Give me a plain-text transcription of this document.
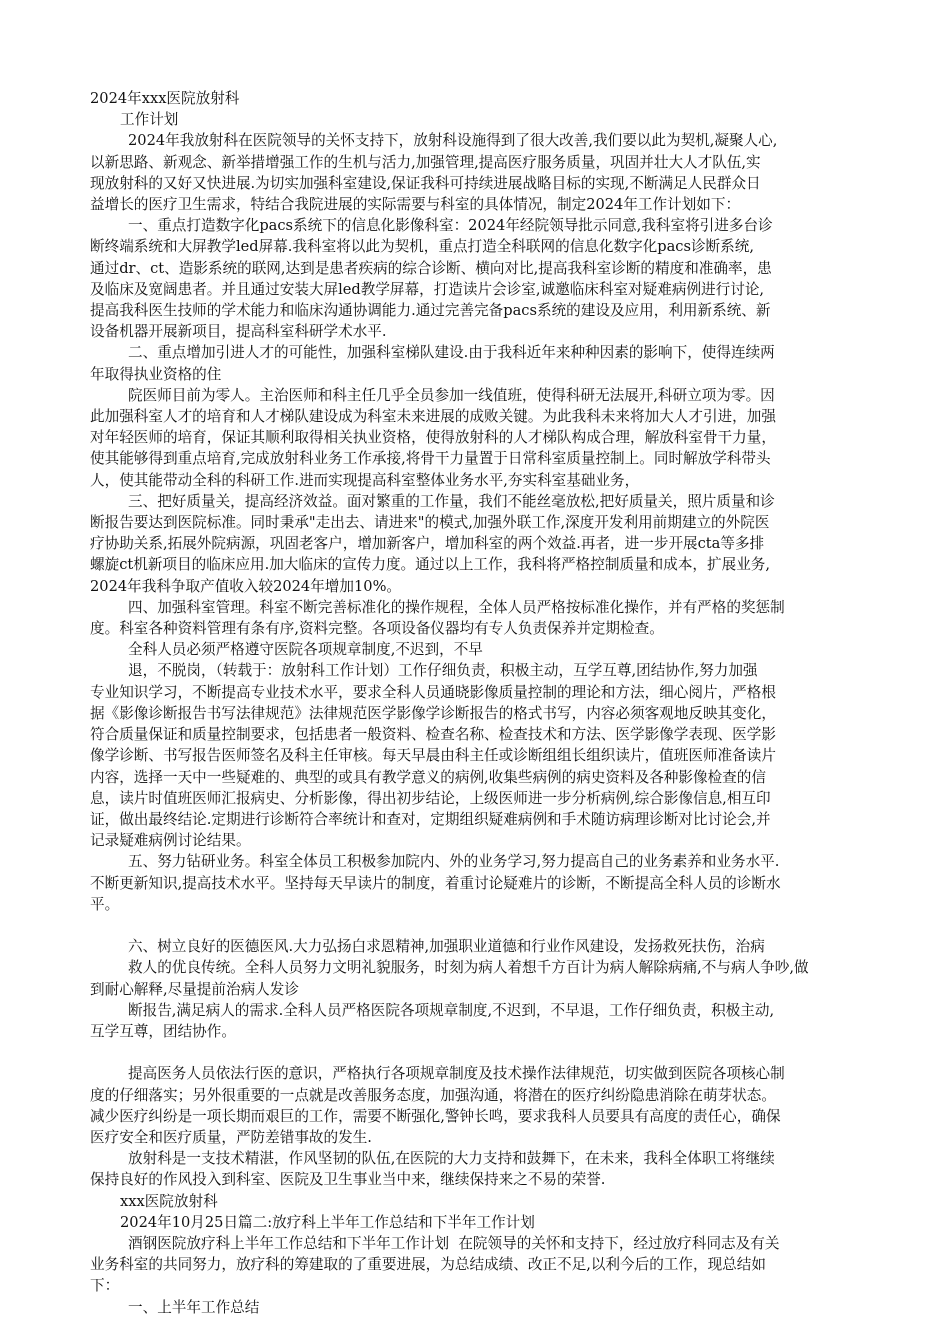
2024年xxx医院放射科

工作计划

2024年我放射科在医院领导的关怀支持下，放射科设施得到了很大改善,我们要以此为契机,凝聚人心,

以新思路、新观念、新举措增强工作的生机与活力,加强管理,提高医疗服务质量，巩固并壮大人才队伍,实

现放射科的又好又快进展.为切实加强科室建设,保证我科可持续进展战略目标的实现,不断满足人民群众日

益增长的医疗卫生需求，特结合我院进展的实际需要与科室的具体情况，制定2024年工作计划如下：

一、重点打造数字化pacs系统下的信息化影像科室：2024年经院领导批示同意,我科室将引进多台诊

断终端系统和大屏教学led屏幕.我科室将以此为契机，重点打造全科联网的信息化数字化pacs诊断系统,

通过dr、ct、造影系统的联网,达到是患者疾病的综合诊断、横向对比,提高我科室诊断的精度和准确率，患

及临床及宽阔患者。并且通过安装大屏led教学屏幕，打造读片会诊室,诚邀临床科室对疑难病例进行讨论,

提高我科医生技师的学术能力和临床沟通协调能力.通过完善完备pacs系统的建设及应用，利用新系统、新

设备机器开展新项目，提高科室科研学术水平.

二、重点增加引进人才的可能性，加强科室梯队建设.由于我科近年来种种因素的影响下，使得连续两

年取得执业资格的住

院医师目前为零人。主治医师和科主任几乎全员参加一线值班，使得科研无法展开,科研立项为零。因

此加强科室人才的培育和人才梯队建设成为科室未来进展的成败关键。为此我科未来将加大人才引进，加强

对年轻医师的培育，保证其顺利取得相关执业资格，使得放射科的人才梯队构成合理，解放科室骨干力量，

使其能够得到重点培育,完成放射科业务工作承接,将骨干力量置于日常科室质量控制上。同时解放学科带头

人，使其能带动全科的科研工作.进而实现提高科室整体业务水平,夯实科室基础业务，

三、把好质量关，提高经济效益。面对繁重的工作量，我们不能丝毫放松,把好质量关，照片质量和诊

断报告要达到医院标准。同时秉承"走出去、请进来"的模式,加强外联工作,深度开发利用前期建立的外院医

疗协助关系,拓展外院病源，巩固老客户，增加新客户，增加科室的两个效益.再者，进一步开展cta等多排

螺旋ct机新项目的临床应用.加大临床的宣传力度。通过以上工作，我科将严格控制质量和成本，扩展业务,

2024年我科争取产值收入较2024年增加10%。

四、加强科室管理。科室不断完善标准化的操作规程，全体人员严格按标准化操作，并有严格的奖惩制

度。科室各种资料管理有条有序,资料完整。各项设备仪器均有专人负责保养并定期检查。

全科人员必须严格遵守医院各项规章制度,不迟到，不早

退，不脱岗，（转载于：放射科工作计划）工作仔细负责，积极主动，互学互尊,团结协作,努力加强

专业知识学习，不断提高专业技术水平，要求全科人员通晓影像质量控制的理论和方法，细心阅片，严格根

据《影像诊断报告书写法律规范》法律规范医学影像学诊断报告的格式书写，内容必须客观地反映其变化，

符合质量保证和质量控制要求，包括患者一般资料、检查名称、检查技术和方法、医学影像学表现、医学影

像学诊断、书写报告医师签名及科主任审核。每天早晨由科主任或诊断组组长组织读片，值班医师准备读片

内容，选择一天中一些疑难的、典型的或具有教学意义的病例,收集些病例的病史资料及各种影像检查的信

息，读片时值班医师汇报病史、分析影像，得出初步结论，上级医师进一步分析病例,综合影像信息,相互印

证，做出最终结论.定期进行诊断符合率统计和查对，定期组织疑难病例和手术随访病理诊断对比讨论会,并

记录疑难病例讨论结果。

五、努力钻研业务。科室全体员工积极参加院内、外的业务学习,努力提高自己的业务素养和业务水平.

不断更新知识,提高技术水平。坚持每天早读片的制度，着重讨论疑难片的诊断，不断提高全科人员的诊断水

平。

六、树立良好的医德医风.大力弘扬白求恩精神,加强职业道德和行业作风建设，发扬救死扶伤，治病

救人的优良传统。全科人员努力文明礼貌服务，时刻为病人着想千方百计为病人解除病痛,不与病人争吵,做

到耐心解释,尽量提前治病人发诊

断报告,满足病人的需求.全科人员严格医院各项规章制度,不迟到，不早退，工作仔细负责，积极主动,

互学互尊，团结协作。

提高医务人员依法行医的意识，严格执行各项规章制度及技术操作法律规范，切实做到医院各项核心制

度的仔细落实；另外很重要的一点就是改善服务态度，加强沟通，将潜在的医疗纠纷隐患消除在萌芽状态。

减少医疗纠纷是一项长期而艰巨的工作，需要不断强化,警钟长鸣，要求我科人员要具有高度的责任心，确保

医疗安全和医疗质量，严防差错事故的发生.

放射科是一支技术精湛，作风坚韧的队伍,在医院的大力支持和鼓舞下，在未来，我科全体职工将继续

保持良好的作风投入到科室、医院及卫生事业当中来，继续保持来之不易的荣誉.

xxx医院放射科

2024年10月25日篇二:放疗科上半年工作总结和下半年工作计划

酒钢医院放疗科上半年工作总结和下半年工作计划  在院领导的关怀和支持下，经过放疗科同志及有关

业务科室的共同努力，放疗科的筹建取的了重要进展，为总结成绩、改正不足,以利今后的工作，现总结如

下：

一、上半年工作总结
